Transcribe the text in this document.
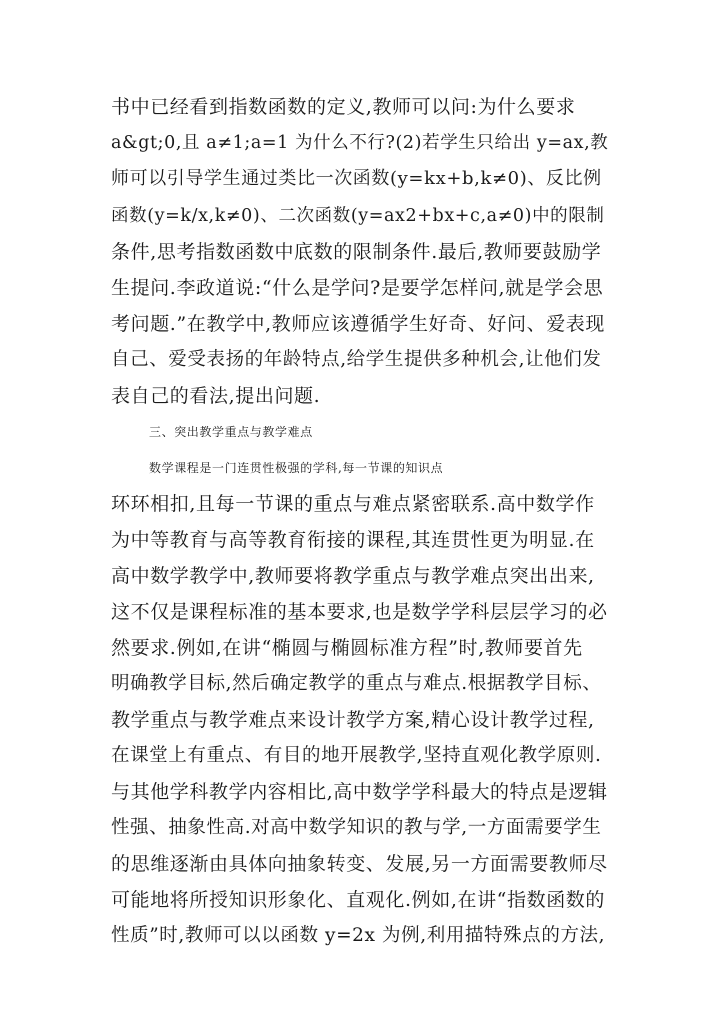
书中已经看到指数函数的定义,教师可以问:为什么要求
a&gt;0,且 a≠1;a=1 为什么不行?(2)若学生只给出 y=ax,教
师可以引导学生通过类比一次函数(y=kx+b,k≠0)、反比例
函数(y=k/x,k≠0)、二次函数(y=ax2+bx+c,a≠0)中的限制
条件,思考指数函数中底数的限制条件.最后,教师要鼓励学
生提问.李政道说:“什么是学问?是要学怎样问,就是学会思
考问题.”在教学中,教师应该遵循学生好奇、好问、爱表现
自己、爱受表扬的年龄特点,给学生提供多种机会,让他们发
表自己的看法,提出问题.
三、突出教学重点与教学难点
数学课程是一门连贯性极强的学科,每一节课的知识点
环环相扣,且每一节课的重点与难点紧密联系.高中数学作
为中等教育与高等教育衔接的课程,其连贯性更为明显.在
高中数学教学中,教师要将教学重点与教学难点突出出来,
这不仅是课程标准的基本要求,也是数学学科层层学习的必
然要求.例如,在讲“椭圆与椭圆标准方程”时,教师要首先
明确教学目标,然后确定教学的重点与难点.根据教学目标、
教学重点与教学难点来设计教学方案,精心设计教学过程,
在课堂上有重点、有目的地开展教学,坚持直观化教学原则.
与其他学科教学内容相比,高中数学学科最大的特点是逻辑
性强、抽象性高.对高中数学知识的教与学,一方面需要学生
的思维逐渐由具体向抽象转变、发展,另一方面需要教师尽
可能地将所授知识形象化、直观化.例如,在讲“指数函数的
性质”时,教师可以以函数 y=2x 为例,利用描特殊点的方法,
